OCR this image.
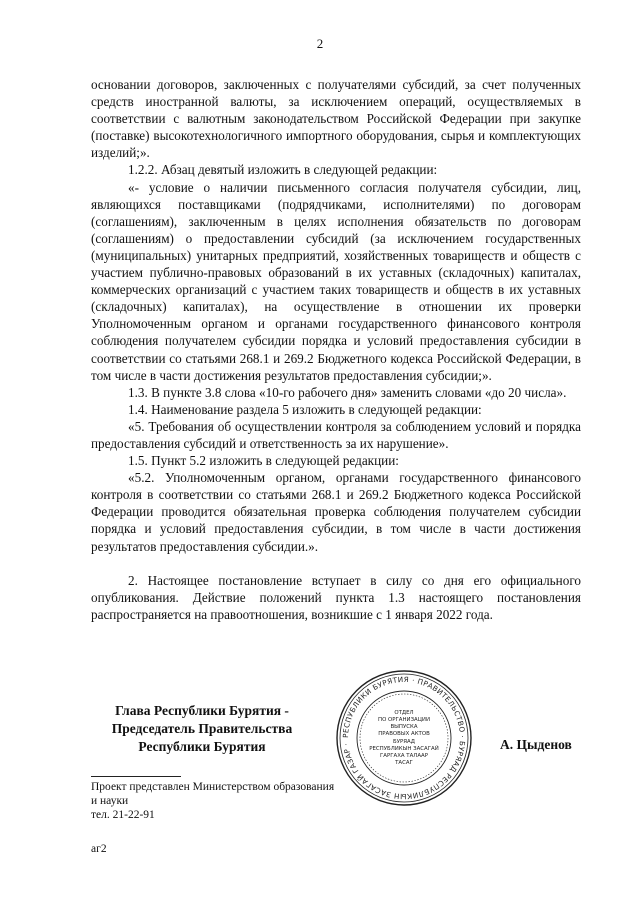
2

основании договоров, заключенных с получателями субсидий, за счет полученных средств иностранной валюты, за исключением операций, осуществляемых в соответствии с валютным законодательством Российской Федерации при закупке (поставке) высокотехнологичного импортного оборудования, сырья и комплектующих изделий;».

1.2.2. Абзац девятый изложить в следующей редакции:

«- условие о наличии письменного согласия получателя субсидии, лиц, являющихся поставщиками (подрядчиками, исполнителями) по договорам (соглашениям), заключенным в целях исполнения обязательств по договорам (соглашениям) о предоставлении субсидий (за исключением государственных (муниципальных) унитарных предприятий, хозяйственных товариществ и обществ с участием публично-правовых образований в их уставных (складочных) капиталах, коммерческих организаций с участием таких товариществ и обществ в их уставных (складочных) капиталах), на осуществление в отношении их проверки Уполномоченным органом и органами государственного финансового контроля соблюдения получателем субсидии порядка и условий предоставления субсидии в соответствии со статьями 268.1 и 269.2 Бюджетного кодекса Российской Федерации, в том числе в части достижения результатов предоставления субсидии;».

1.3. В пункте 3.8 слова «10-го рабочего дня» заменить словами «до 20 числа».

1.4. Наименование раздела 5 изложить в следующей редакции:

«5. Требования об осуществлении контроля за соблюдением условий и порядка предоставления субсидий и ответственность за их нарушение».

1.5. Пункт 5.2 изложить в следующей редакции:

«5.2. Уполномоченным органом, органами государственного финансового контроля в соответствии со статьями 268.1 и 269.2 Бюджетного кодекса Российской Федерации проводится обязательная проверка соблюдения получателем субсидии порядка и условий предоставления субсидии, в том числе в части достижения результатов предоставления субсидии.».

2. Настоящее постановление вступает в силу со дня его официального опубликования. Действие положений пункта 1.3 настоящего постановления распространяется на правоотношения, возникшие с 1 января 2022 года.

Глава Республики Бурятия -
Председатель Правительства
Республики Бурятия
РЕСПУБЛИКИ БУРЯТИЯ · ПРАВИТЕЛЬСТВО · БУРЯАД РЕСПУБЛИКЫН ЗАСАГАЙ ГАЗАР ·
ОТДЕЛ
ПО ОРГАНИЗАЦИИ
ВЫПУСКА
ПРАВОВЫХ АКТОВ
БУРЯАД
РЕСПУБЛИКЫН ЗАСАГАЙ
ГАРГАХА ТАЛААР
ТАСАГ
А. Цыденов
Проект представлен Министерством образования
и науки
тел. 21-22-91
аг2
